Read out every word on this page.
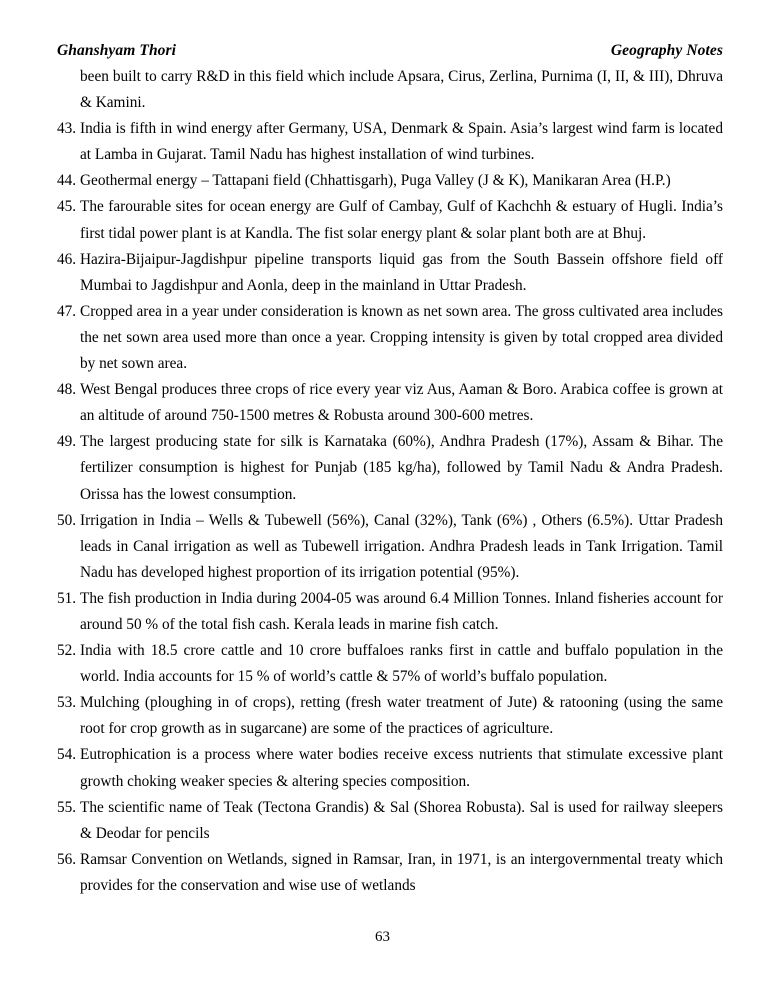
Ghanshyam Thori	Geography Notes

been built to carry R&D in this field which include Apsara, Cirus, Zerlina, Purnima (I, II, & III), Dhruva & Kamini.

43. India is fifth in wind energy after Germany, USA, Denmark & Spain. Asia’s largest wind farm is located at Lamba in Gujarat. Tamil Nadu has highest installation of wind turbines.
44. Geothermal energy – Tattapani field (Chhattisgarh), Puga Valley (J & K), Manikaran Area (H.P.)
45. The farourable sites for ocean energy are Gulf of Cambay, Gulf of Kachchh & estuary of Hugli. India’s first tidal power plant is at Kandla. The fist solar energy plant & solar plant both are at Bhuj.
46. Hazira-Bijaipur-Jagdishpur pipeline transports liquid gas from the South Bassein offshore field off Mumbai to Jagdishpur and Aonla, deep in the mainland in Uttar Pradesh.
47. Cropped area in a year under consideration is known as net sown area. The gross cultivated area includes the net sown area used more than once a year. Cropping intensity is given by total cropped area divided by net sown area.
48. West Bengal produces three crops of rice every year viz Aus, Aaman & Boro. Arabica coffee is grown at an altitude of around 750-1500 metres & Robusta around 300-600 metres.
49. The largest producing state for silk is Karnataka (60%), Andhra Pradesh (17%), Assam & Bihar. The fertilizer consumption is highest for Punjab (185 kg/ha), followed by Tamil Nadu & Andra Pradesh. Orissa has the lowest consumption.
50. Irrigation in India – Wells & Tubewell (56%), Canal (32%), Tank (6%) , Others (6.5%). Uttar Pradesh leads in Canal irrigation as well as Tubewell irrigation. Andhra Pradesh leads in Tank Irrigation. Tamil Nadu has developed highest proportion of its irrigation potential (95%).
51. The fish production in India during 2004-05 was around 6.4 Million Tonnes. Inland fisheries account for around 50 % of the total fish cash. Kerala leads in marine fish catch.
52. India with 18.5 crore cattle and 10 crore buffaloes ranks first in cattle and buffalo population in the world. India accounts for 15 % of world’s cattle & 57% of world’s buffalo population.
53. Mulching (ploughing in of crops), retting (fresh water treatment of Jute) & ratooning (using the same root for crop growth as in sugarcane) are some of the practices of agriculture.
54. Eutrophication is a process where water bodies receive excess nutrients that stimulate excessive plant growth choking weaker species & altering species composition.
55. The scientific name of Teak (Tectona Grandis) & Sal (Shorea Robusta). Sal is used for railway sleepers & Deodar for pencils
56. Ramsar Convention on Wetlands, signed in Ramsar, Iran, in 1971, is an intergovernmental treaty which provides for the conservation and wise use of wetlands
63
